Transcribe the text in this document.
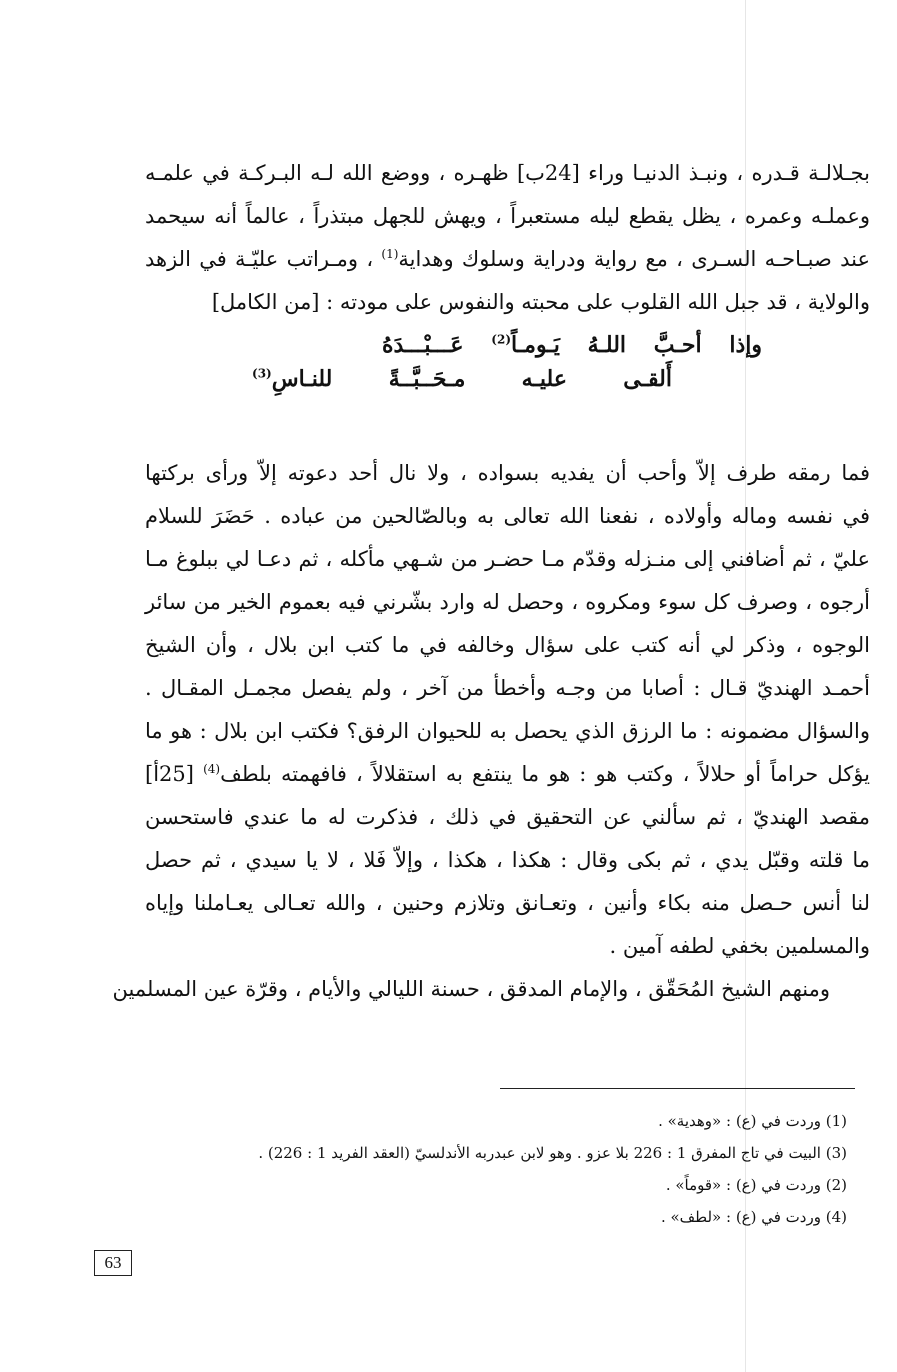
بجـلالـة قـدره ، ونبـذ الدنيـا وراء [24ب] ظهـره ، ووضع الله لـه البـركـة في علمـه
وعملـه وعمره ، يظل يقطع ليله مستعبراً ، ويهش للجهل مبتذراً ، عالماً أنه سيحمد
عند صبـاحـه السـرى ، مع رواية ودراية وسلوك وهداية$^{(1)}$ ، ومـراتب عليّـة في الزهد
والولاية ، قد جبل الله القلوب على محبته والنفوس على مودته : [من الكامل]
وإذا أحـبَّ اللـهُ يَـومـاً$^{(2)}$ عَـــبْـــدَهُ
أَلقـى عليـه مـحَــبَّــةً للنـاسِ$^{(3)}$
فما رمقه طرف إلاّ وأحب أن يفديه بسواده ، ولا نال أحد دعوته إلاّ ورأى بركتها
في نفسه وماله وأولاده ، نفعنا الله تعالى به وبالصّالحين من عباده . حَضَرَ للسلام
عليّ ، ثم أضافني إلى منـزله وقدّم مـا حضـر من شـهي مأكله ، ثم دعـا لي ببلوغ مـا
أرجوه ، وصرف كل سوء ومكروه ، وحصل له وارد بشّرني فيه بعموم الخير من سائر
الوجوه ، وذكر لي أنه كتب على سؤال وخالفه في ما كتب ابن بلال ، وأن الشيخ
أحمـد الهنديّ قـال : أصابا من وجـه وأخطأ من آخر ، ولم يفصل مجمـل المقـال .
والسؤال مضمونه : ما الرزق الذي يحصل به للحيوان الرفق؟ فكتب ابن بلال : هو ما
يؤكل حراماً أو حلالاً ، وكتب هو : هو ما ينتفع به استقلالاً ، فافهمته بلطف$^{(4)}$ [25أ]
مقصد الهنديّ ، ثم سألني عن التحقيق في ذلك ، فذكرت له ما عندي فاستحسن
ما قلته وقبّل يدي ، ثم بكى وقال : هكذا ، هكذا ، وإلاّ فَلا ، لا يا سيدي ، ثم حصل
لنا أنس حـصل منه بكاء وأنين ، وتعـانق وتلازم وحنين ، والله تعـالى يعـاملنا وإياه
والمسلمين بخفي لطفه آمين .
ومنهم الشيخ المُحَقّق ، والإمام المدقق ، حسنة الليالي والأيام ، وقرّة عين المسلمين
(1) وردت في (ع) : «وهدية» .
(3) البيت في تاج المفرق 1 : 226 بلا عزو . وهو لابن عبدربه الأندلسيّ (العقد الفريد 1 : 226) .
(2) وردت في (ع) : «قوماً» .
(4) وردت في (ع) : «لطف» .
63
